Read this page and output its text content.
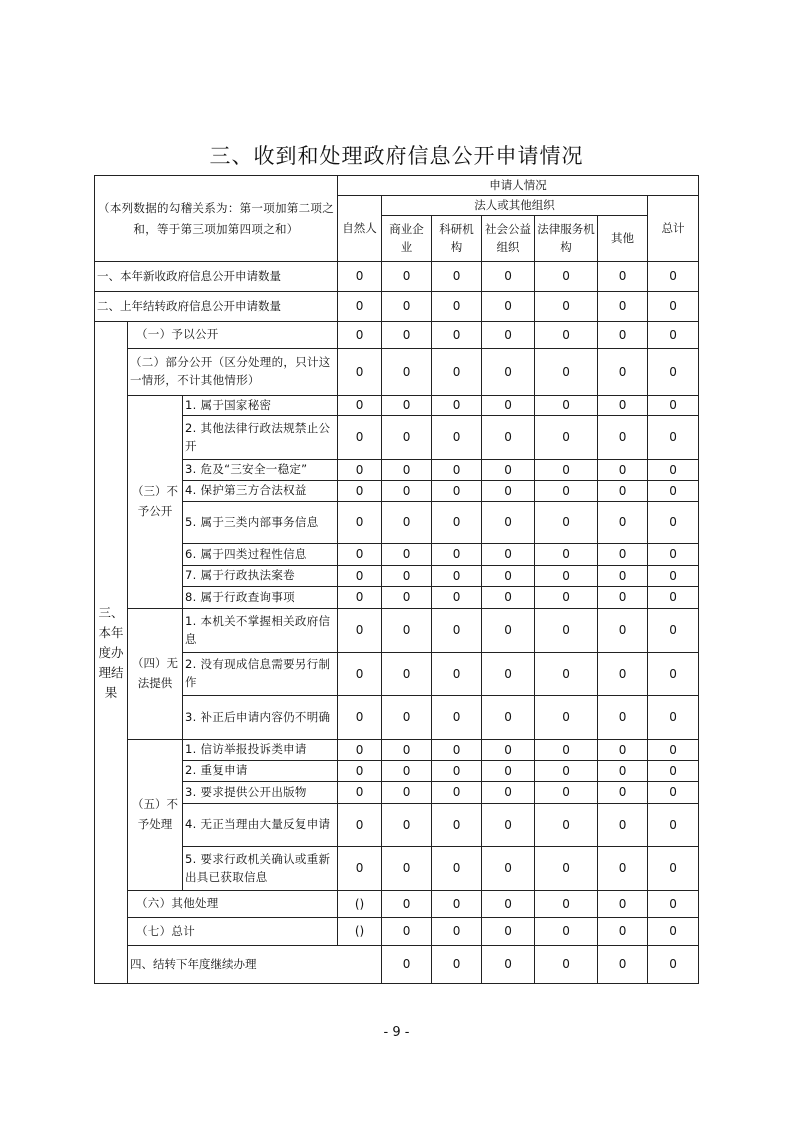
三、收到和处理政府信息公开申请情况
（本列数据的勾稽关系为：第一项加第二项之和，等于第三项加第四项之和）			申请人情况							
			自然人	法人或其他组织					总计	
				商业企业	科研机构	社会公益组织	法律服务机构	其他		
一、本年新收政府信息公开申请数量			0	0	0	0	0	0	0	
二、上年结转政府信息公开申请数量			0	0	0	0	0	0	0	
三、本年度办理结果	（一）予以公开		0	0	0	0	0	0	0	
	（二）部分公开（区分处理的，只计这一情形，不计其他情形）		0	0	0	0	0	0	0	
	（三）不予公开	1. 属于国家秘密	0	0	0	0	0	0	0	
		2. 其他法律行政法规禁止公开	0	0	0	0	0	0	0	
		3. 危及“三安全一稳定”	0	0	0	0	0	0	0	
		4. 保护第三方合法权益	0	0	0	0	0	0	0	
		5. 属于三类内部事务信息	0	0	0	0	0	0	0	
		6. 属于四类过程性信息	0	0	0	0	0	0	0	
		7. 属于行政执法案卷	0	0	0	0	0	0	0	
		8. 属于行政查询事项	0	0	0	0	0	0	0	
	（四）无法提供	1. 本机关不掌握相关政府信息	0	0	0	0	0	0	0	
		2. 没有现成信息需要另行制作	0	0	0	0	0	0	0	
		3. 补正后申请内容仍不明确	0	0	0	0	0	0	0	
	（五）不予处理	1. 信访举报投诉类申请	0	0	0	0	0	0	0	
		2. 重复申请	0	0	0	0	0	0	0	
		3. 要求提供公开出版物	0	0	0	0	0	0	0	
		4. 无正当理由大量反复申请	0	0	0	0	0	0	0	
		5. 要求行政机关确认或重新出具已获取信息	0	0	0	0	0	0	0	
	（六）其他处理		()	0	0	0	0	0	0	
	（七）总计		()	0	0	0	0	0	0	
	四、结转下年度继续办理			0	0	0	0	0	0	
- 9 -
